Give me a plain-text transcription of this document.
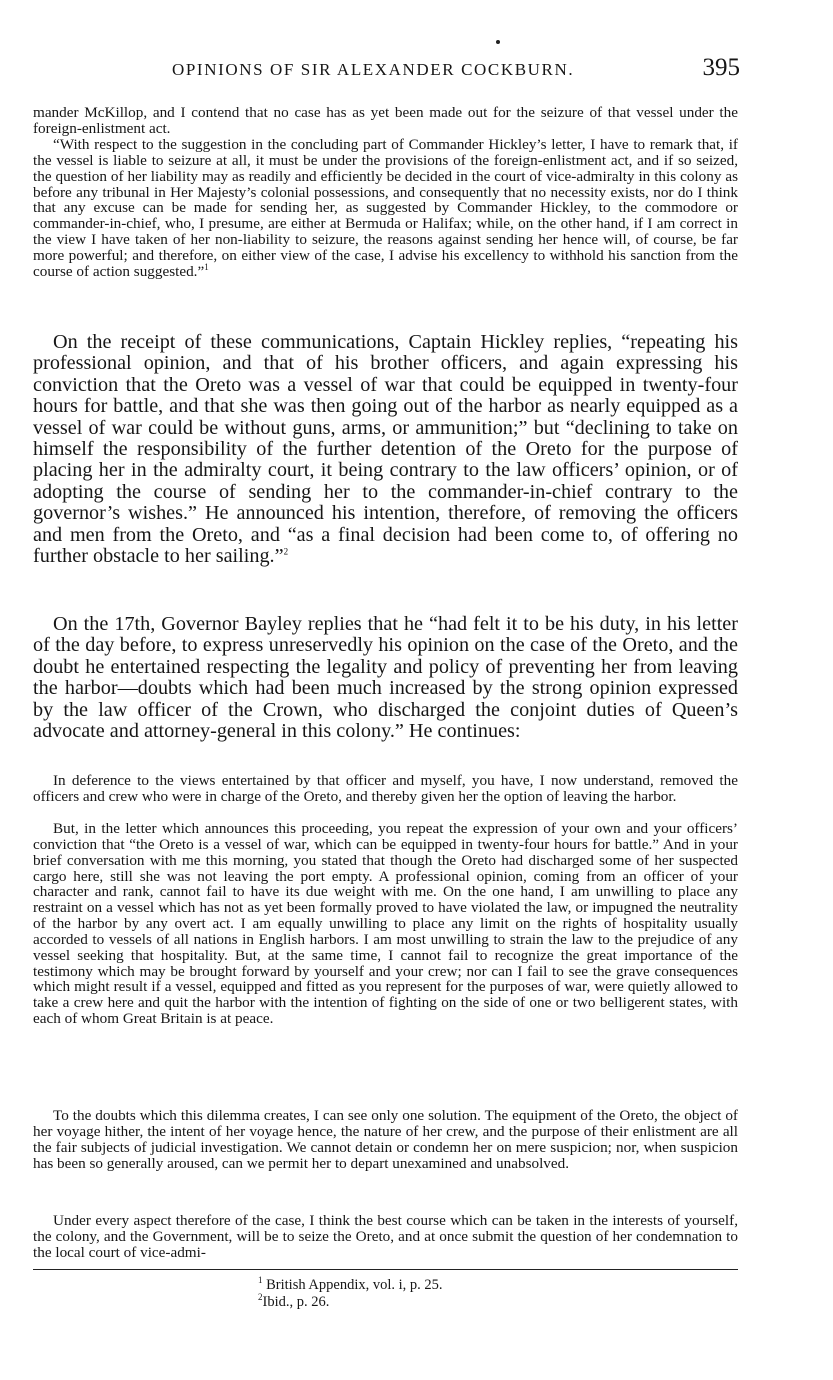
OPINIONS OF SIR ALEXANDER COCKBURN.	395

mander McKillop, and I contend that no case has as yet been made out for the seizure of that vessel under the foreign-enlistment act.

“With respect to the suggestion in the concluding part of Commander Hickley’s letter, I have to remark that, if the vessel is liable to seizure at all, it must be under the provisions of the foreign-enlistment act, and if so seized, the question of her liability may as readily and efficiently be decided in the court of vice-admiralty in this colony as before any tribunal in Her Majesty’s colonial possessions, and consequently that no necessity exists, nor do I think that any excuse can be made for sending her, as suggested by Commander Hickley, to the commodore or commander-in-chief, who, I presume, are either at Bermuda or Halifax; while, on the other hand, if I am correct in the view I have taken of her non-liability to seizure, the reasons against sending her hence will, of course, be far more powerful; and therefore, on either view of the case, I advise his excellency to withhold his sanction from the course of action suggested.”$^1$

On the receipt of these communications, Captain Hickley replies, “repeating his professional opinion, and that of his brother officers, and again expressing his conviction that the Oreto was a vessel of war that could be equipped in twenty-four hours for battle, and that she was then going out of the harbor as nearly equipped as a vessel of war could be without guns, arms, or ammunition;” but “declining to take on himself the responsibility of the further detention of the Oreto for the purpose of placing her in the admiralty court, it being contrary to the law officers’ opinion, or of adopting the course of sending her to the commander-in-chief contrary to the governor’s wishes.” He announced his intention, therefore, of removing the officers and men from the Oreto, and “as a final decision had been come to, of offering no further obstacle to her sailing.”$^2$

On the 17th, Governor Bayley replies that he “had felt it to be his duty, in his letter of the day before, to express unreservedly his opinion on the case of the Oreto, and the doubt he entertained respecting the legality and policy of preventing her from leaving the harbor—doubts which had been much increased by the strong opinion expressed by the law officer of the Crown, who discharged the conjoint duties of Queen’s advocate and attorney-general in this colony.” He continues:

In deference to the views entertained by that officer and myself, you have, I now understand, removed the officers and crew who were in charge of the Oreto, and thereby given her the option of leaving the harbor.

But, in the letter which announces this proceeding, you repeat the expression of your own and your officers’ conviction that “the Oreto is a vessel of war, which can be equipped in twenty-four hours for battle.” And in your brief conversation with me this morning, you stated that though the Oreto had discharged some of her suspected cargo here, still she was not leaving the port empty. A professional opinion, coming from an officer of your character and rank, cannot fail to have its due weight with me. On the one hand, I am unwilling to place any restraint on a vessel which has not as yet been formally proved to have violated the law, or impugned the neutrality of the harbor by any overt act. I am equally unwilling to place any limit on the rights of hospitality usually accorded to vessels of all nations in English harbors. I am most unwilling to strain the law to the prejudice of any vessel seeking that hospitality. But, at the same time, I cannot fail to recognize the great importance of the testimony which may be brought forward by yourself and your crew; nor can I fail to see the grave consequences which might result if a vessel, equipped and fitted as you represent for the purposes of war, were quietly allowed to take a crew here and quit the harbor with the intention of fighting on the side of one or two belligerent states, with each of whom Great Britain is at peace.

To the doubts which this dilemma creates, I can see only one solution. The equipment of the Oreto, the object of her voyage hither, the intent of her voyage hence, the nature of her crew, and the purpose of their enlistment are all the fair subjects of judicial investigation. We cannot detain or condemn her on mere suspicion; nor, when suspicion has been so generally aroused, can we permit her to depart unexamined and unabsolved.

Under every aspect therefore of the case, I think the best course which can be taken in the interests of yourself, the colony, and the Government, will be to seize the Oreto, and at once submit the question of her condemnation to the local court of vice-admi-

$^1$ British Appendix, vol. i, p. 25.
$^2$Ibid., p. 26.
